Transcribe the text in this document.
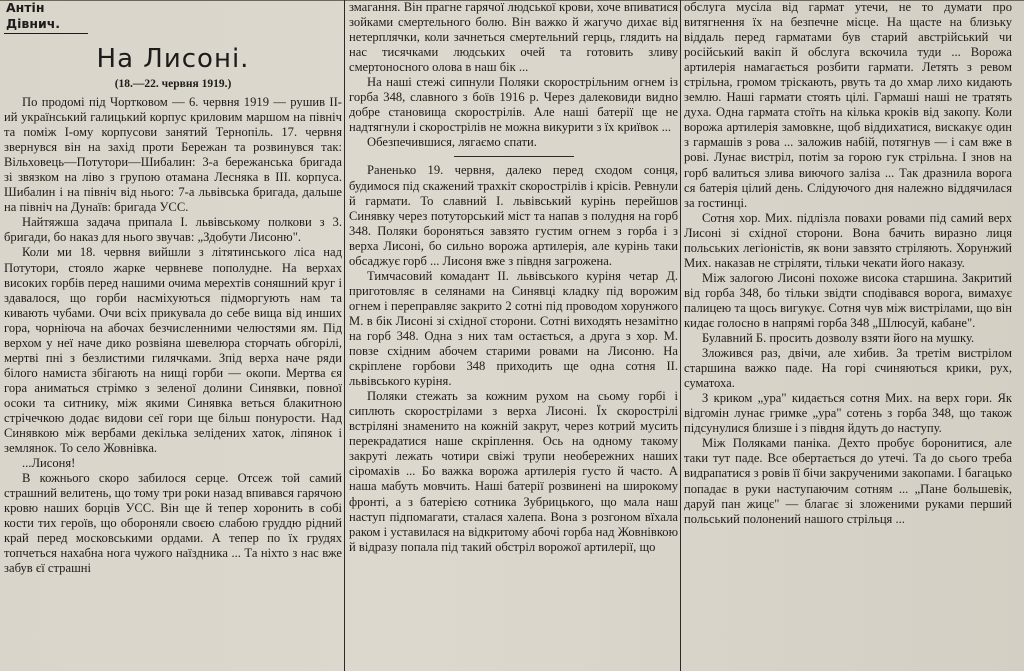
Антін Дівнич.
На Лисоні.
(18.—22. червня 1919.)

По продомі під Чортковом — 6. червня 1919 — рушив ІІ-ий український галицький корпус криловим маршом на північ та поміж І-ому корпусови занятий Тернопіль. 17. червня звернувся він на захід проти Бережан та розвинувся так: Вільховець—Потутори—Шибалин: 3-а бережанська бригада зі звязком на ліво з групою отамана Лесняка в ІІІ. корпуса. Шибалин і на північ від нього: 7-а львівська бригада, дальше на північ на Дунаїв: бригада УСС.

Найтяжша задача припала І. львівському полкови з 3. бригади, бо наказ для нього звучав: „Здобути Лисоню".

Коли ми 18. червня вийшли з літятинського ліса над Потутори, стояло жарке червневе пополудне. На верхах високих горбів перед нашими очима мерехтів соняшний круг і здавалося, що горби насміхуються підморгують нам та кивають чубами. Очи всіх прикувала до себе вища від инших гора, чорніюча на абочах безчисленними челюстями ям. Під верхом у неї наче дико розвіяна шевелюра сторчать обгорілі, мертві пні з безлистими гилячками. Зпід верха наче ряди білого намиста збігають на нищі горби — окопи. Мертва єя гора аниматься стрімко з зеленої долини Синявки, повної осоки та ситнику, між якими Синявка веться блакитною стрічечкою додає видови сеї гори ще більш понурости. Над Синявкою між вербами декілька зелідених хаток, ліпянок і землянок. То село Жовнівка.

...Лисоня!

В кожнього скоро забилося серце. Отсеж той самий страшний велитень, що тому три роки назад впивався гарячою кровю наших борців УСС. Він ще й тепер хоронить в собі кости тих героїв, що обороняли своєю слабою груддю рідний край перед московськими ордами. А тепер по їх грудях топчеться нахабна нога чужого наїздника ... Та ніхто з нас вже забув єї страшні

змагання. Він прагне гарячої людської крови, хоче впиватися зойками смертельного болю. Він важко й жагучо дихає від нетерплячки, коли зачнеться смертельний герць, глядить на нас тисячками людських очей та готовить зливу смертоносного олова в наш бік ...

На наші стежі сипнули Поляки скорострільним огнем із горба 348, славного з боїв 1916 р. Через далековиди видно добре становища скорострілів. Але наші батерії ще не надтягнули і скорострілів не можна викурити з їх криївок ...

Обезпечившися, лягаємо спати.

Раненько 19. червня, далеко перед сходом сонця, будимося під скажений трахкіт скорострілів і крісів. Ревнули й гармати. То славний І. львівський курінь перейшов Синявку через потуторський міст та напав з полудня на горб 348. Поляки бороняться завзято густим огнем з горба і з верха Лисоні, бо сильно ворожа артилерія, але курінь таки обсаджує горб ... Лисоня вже з півдня загрожена.

Тимчасовий комадант ІІ. львівського куріня четар Д. приготовляє в селянами на Синявці кладку під ворожим огнем і переправляє закрито 2 сотні під проводом хорунжого М. в бік Лисоні зі східної сторони. Сотні виходять незамітно на горб 348. Одна з них там остається, а друга з хор. М. повзе східним абочем старими ровами на Лисоню. На скріплене горбови 348 приходить ще одна сотня ІІ. львівського куріня.

Поляки стежать за кожним рухом на сьому горбі і сиплють скорострілами з верха Лисоні. Їх скорострілі встріляні знаменито на кожній закрут, через котрий мусить перекрадатися наше скріплення. Ось на одному такому закруті лежать чотири свіжі трупи необережних наших сіромахів ... Бо важка ворожа артилерія густо й часто. А наша мабуть мовчить. Наші батерії розвинені на широкому фронті, а з батерією сотника Зубрицького, що мала наш наступ підпомагати, сталася халепа. Вона з розгоном вїхала раком і уставилася на відкритому абочі горба над Жовнівкою й відразу попала під такий обстріл ворожої артилерії, що

обслуга мусіла від гармат утечи, не то думати про витягнення їх на безпечне місце. На щасте на близьку віддаль перед гарматами був старий австрійський чи російський вакіп й обслуга вскочила туди ... Ворожа артилерія намагається розбити гармати. Летять з ревом стрільна, громом тріскають, рвуть та до хмар лихо кидають землю. Наші гармати стоять цілі. Гармаші наші не тратять духа. Одна гармата стоїть на кілька кроків від закопу. Коли ворожа артилерія замовкне, щоб віддихатися, вискакує один з гармашів з рова ... заложив набій, потягнув — і сам вже в рові. Лунає вистріл, потім за горою гук стрільна. І знов на горб валиться злива виючого заліза ... Так дразнила ворога ся батерія цілий день. Слідуючого дня належно віддячилася за гостинці.

Сотня хор. Мих. підлізла повахи ровами під самий верх Лисоні зі східної сторони. Вона бачить виразно лиця польських легіоністів, як вони завзято стріляють. Хорунжий Мих. наказав не стріляти, тільки чекати його наказу.

Між залогою Лисоні похоже висока старшина. Закритий від горба 348, бо тільки звідти сподівався ворога, вимахує палицею та щось вигукує. Сотня чув між вистрілами, що він кидає голосно в напрямі горба 348 „Шлюсуй, кабане".

Булавний Б. просить дозволу взяти його на мушку.

Зложився раз, двічи, але хибив. За третім вистрілом старшина важко паде. На горі счиняються крики, рух, суматоха.

З криком „ура" кидається сотня Мих. на верх гори. Як відгомін лунає гримке „ура" сотень з горба 348, що також підсунулися близше і з півдня йдуть до наступу.

Між Поляками паніка. Дехто пробує боронитися, але таки тут паде. Все обертається до утечі. Та до сього треба видрапатися з ровів її бічи закрученими закопами. І багацько попадає в руки наступаючим сотням ... „Пане большевік, даруй пан жицє" — благає зі зложеними руками перший польський полонений нашого стрільця ...
